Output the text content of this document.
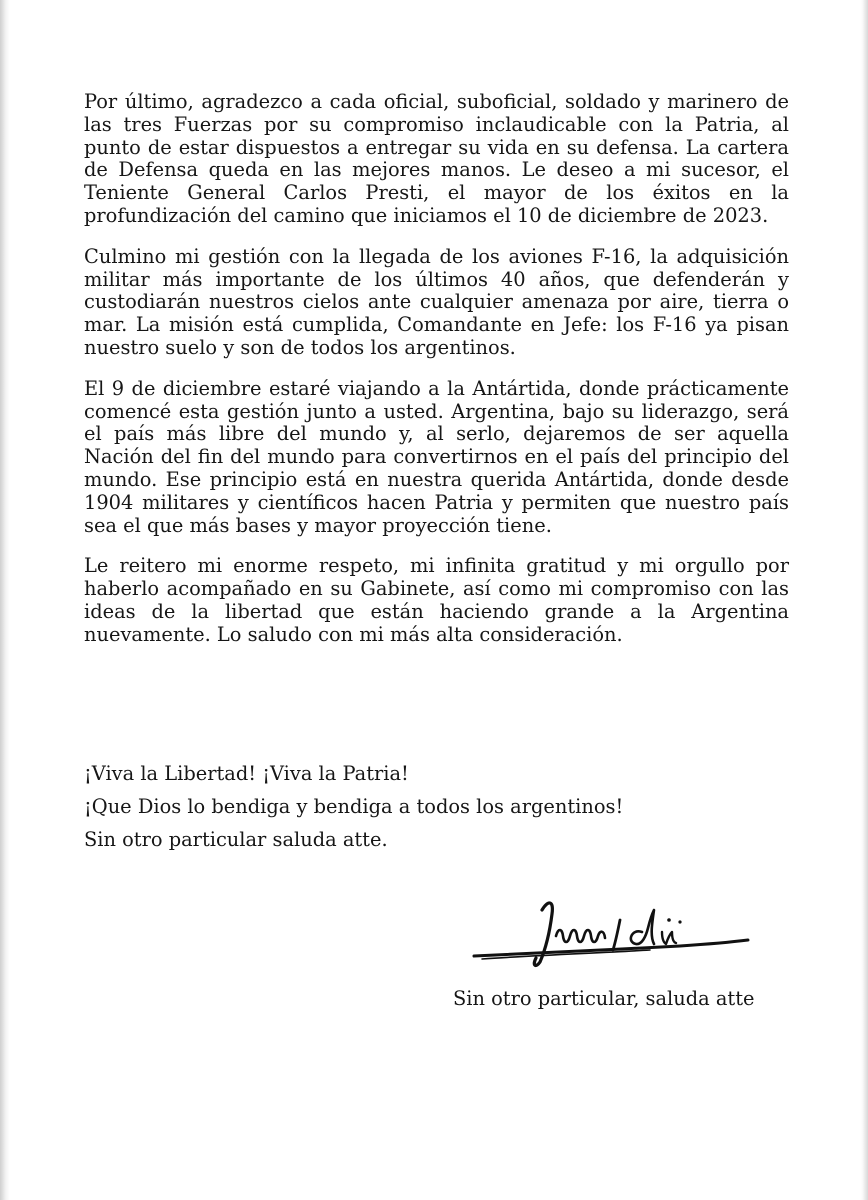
Por último, agradezco a cada oficial, suboficial, soldado y marinero de las tres Fuerzas por su compromiso inclaudicable con la Patria, al punto de estar dispuestos a entregar su vida en su defensa. La cartera de Defensa queda en las mejores manos. Le deseo a mi sucesor, el Teniente General Carlos Presti, el mayor de los éxitos en la profundización del camino que iniciamos el 10 de diciembre de 2023.

Culmino mi gestión con la llegada de los aviones F-16, la adquisición militar más importante de los últimos 40 años, que defenderán y custodiarán nuestros cielos ante cualquier amenaza por aire, tierra o mar. La misión está cumplida, Comandante en Jefe: los F-16 ya pisan nuestro suelo y son de todos los argentinos.

El 9 de diciembre estaré viajando a la Antártida, donde prácticamente comencé esta gestión junto a usted. Argentina, bajo su liderazgo, será el país más libre del mundo y, al serlo, dejaremos de ser aquella Nación del fin del mundo para convertirnos en el país del principio del mundo. Ese principio está en nuestra querida Antártida, donde desde 1904 militares y científicos hacen Patria y permiten que nuestro país sea el que más bases y mayor proyección tiene.

Le reitero mi enorme respeto, mi infinita gratitud y mi orgullo por haberlo acompañado en su Gabinete, así como mi compromiso con las ideas de la libertad que están haciendo grande a la Argentina nuevamente. Lo saludo con mi más alta consideración.

¡Viva la Libertad! ¡Viva la Patria!
¡Que Dios lo bendiga y bendiga a todos los argentinos!
Sin otro particular saluda atte.
Sin otro particular, saluda atte
